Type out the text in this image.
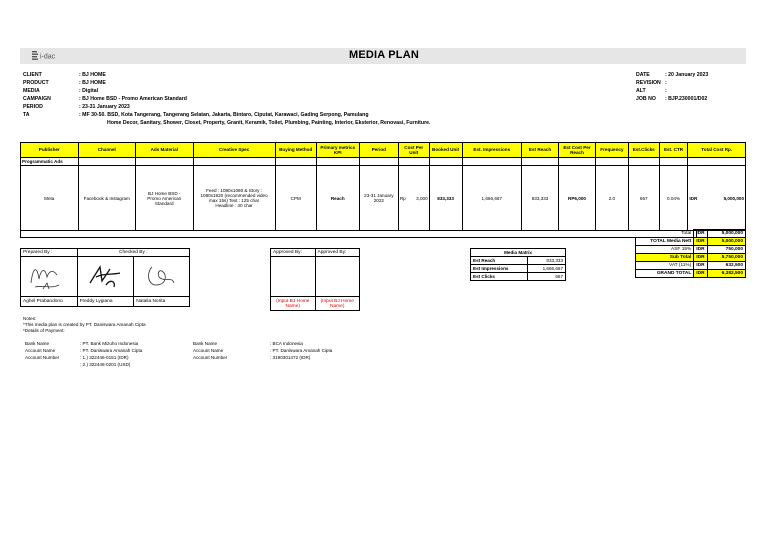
i-dac	MEDIA PLAN
CLIENT	: BJ HOME
PRODUCT	: BJ HOME
MEDIA	: Digital
CAMPAIGN	: BJ Home BSD - Promo American Standard
PERIOD	: 23-31 January 2023
TA	: MF 30-50. BSD, Kota Tangerang, Tangerang Selatan, Jakarta, Bintaro, Ciputat, Karawaci, Gading Serpong, Pamulang
Home Decor, Sanitary, Shower, Closet, Property, Granit, Keramik, Toilet, Plumbing, Painting, Interior, Eksterior, Renovasi, Furniture.
DATE	: 20 January 2023
REVISION :
ALT	:
JOB NO : BJP.230001/D02
Publisher	Channel	Ads Material	Creative Spec	Buying Method	Primary metrics KPI	Period	Cost Per Unit	Booked Unit	Est. Impressions	Est Reach	Est Cost Per Reach	Frequency	Est.Clicks	Est. CTR	Total Cost Rp.
Programmatic Ads															
Meta	Facebook & Instagram	BJ Home BSD - Promo American Standard	Feed : 1080x1080 & Story : 1080x1920 (recommended video max 15s) Text : 125 char Headline : 40 char	CPM	Reach	23-31 January 2022	Rp 3,000	833,333	1,666,667	833,333	RP6,000	2.0	667	0.04%	IDR 5,000,000
Total	IDR	5,000,000
TOTAL Media Nett	IDR	5,000,000
ASF 15%	IDR	750,000
Sub Total	IDR	5,750,000
VAT (11%)	IDR	632,500
GRAND TOTAL	IDR	6,382,500
Prepared By :	Checked By :	

Aghel Prabandono	Freddy Lygiana	Natalia Norita
Approved By:	Approved By:

(Input BJ Home Name)	(Input BJ Home Name)
Media Matrix	
Est Reach	833,333
Est Impressions	1,666,667
Est Clicks	667
Notes:
*This media plan is created by PT. Daniswara Amanah Cipta
*Details of Payment:
Bank Name	: PT. Bank Mizuho Indonesia
Account Name	: PT. Daniswara Amanah Cipta
Account Number	: 1.) 322446-0151 (IDR)
: 2.) 322446-0201 (USD)
Bank Name	: BCA Indonesia
Account Name	: PT. Daniswara Amanah Cipta
Account Number	: 3190301472 (IDR)
